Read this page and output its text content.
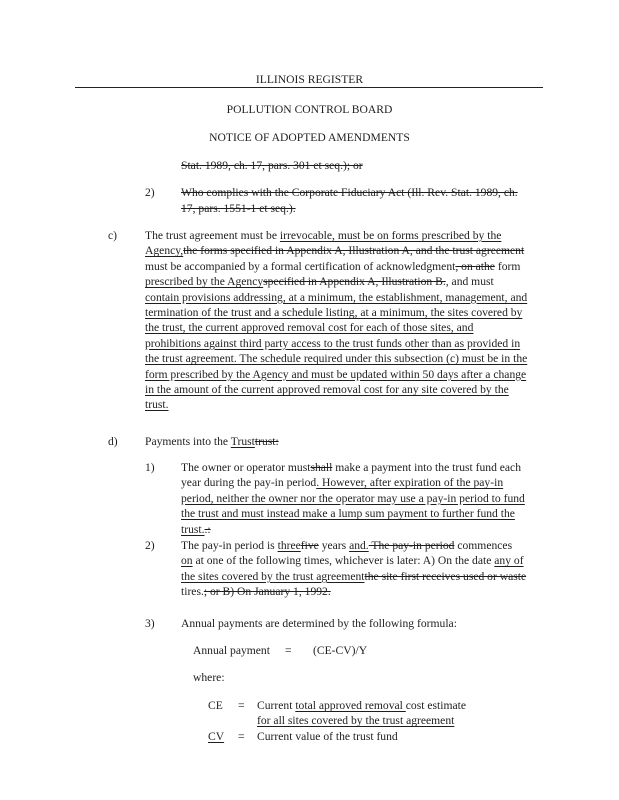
ILLINOIS REGISTER
POLLUTION CONTROL BOARD
NOTICE OF ADOPTED AMENDMENTS
Stat. 1989, ch. 17, pars. 301 et seq.); or
2) Who complies with the Corporate Fiduciary Act (Ill. Rev. Stat. 1989, ch.
17, pars. 1551-1 et seq.).
c) The trust agreement must be irrevocable, must be on forms prescribed by the
Agency,the forms specified in Appendix A, Illustration A, and the trust agreement
must be accompanied by a formal certification of acknowledgment, on athe form
prescribed by the Agencyspecified in Appendix A, Illustration B., and must
contain provisions addressing, at a minimum, the establishment, management, and
termination of the trust and a schedule listing, at a minimum, the sites covered by
the trust, the current approved removal cost for each of those sites, and
prohibitions against third party access to the trust funds other than as provided in
the trust agreement. The schedule required under this subsection (c) must be in the
form prescribed by the Agency and must be updated within 50 days after a change
in the amount of the current approved removal cost for any site covered by the
trust.
d) Payments into the Trusttrust:
1) The owner or operator mustshall make a payment into the trust fund each
year during the pay-in period. However, after expiration of the pay-in
period, neither the owner nor the operator may use a pay-in period to fund
the trust and must instead make a lump sum payment to further fund the
trust..:
2) The pay-in period is threefive years and. The pay-in period commences
on at one of the following times, whichever is later: A) On the date any of
the sites covered by the trust agreementthe site first receives used or waste
tires.; or B) On January 1, 1992.
3) Annual payments are determined by the following formula:
Annual payment = (CE-CV)/Y
where:
CE = Current total approved removal cost estimate
for all sites covered by the trust agreement
CV = Current value of the trust fund
